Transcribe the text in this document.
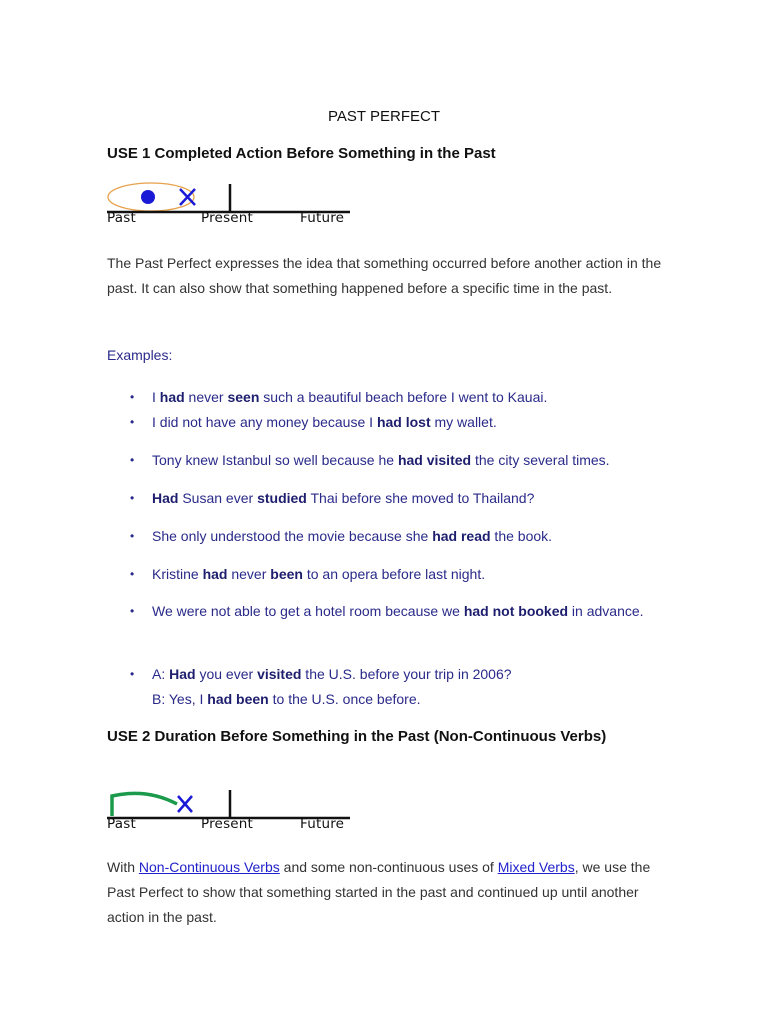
PAST PERFECT
USE 1 Completed Action Before Something in the Past
Past	Present	Future
The Past Perfect expresses the idea that something occurred before another action in the past. It can also show that something happened before a specific time in the past.
Examples:
• I had never seen such a beautiful beach before I went to Kauai.
• I did not have any money because I had lost my wallet.
• Tony knew Istanbul so well because he had visited the city several times.
• Had Susan ever studied Thai before she moved to Thailand?
• She only understood the movie because she had read the book.
• Kristine had never been to an opera before last night.
• We were not able to get a hotel room because we had not booked in advance.
• A: Had you ever visited the U.S. before your trip in 2006?
B: Yes, I had been to the U.S. once before.
USE 2 Duration Before Something in the Past (Non-Continuous Verbs)
Past	Present	Future
With Non-Continuous Verbs and some non-continuous uses of Mixed Verbs, we use the Past Perfect to show that something started in the past and continued up until another action in the past.
